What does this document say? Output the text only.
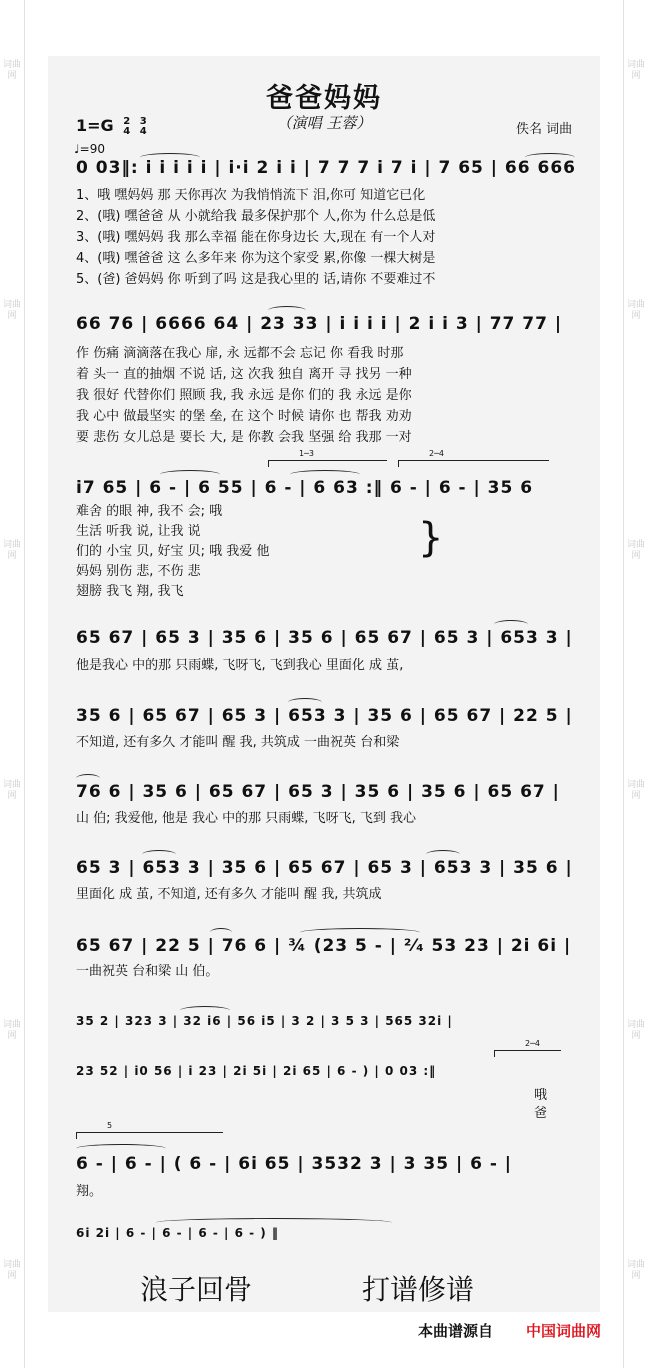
词曲网
词曲网
词曲网
词曲网
词曲网
词曲网
词曲网
词曲网
词曲网
词曲网
词曲网
词曲网
爸爸妈妈
（演唱 王蓉）
1=G 2
4

3
4	佚名 词曲
♩=90
0 03‖: i i i i i | i·i 2 i i | 7 7 7 i 7 i | 7 65 | 66 666
1、哦 嘿妈妈 那 天你再次 为我悄悄流下 泪,你可 知道它已化
2、(哦) 嘿爸爸 从 小就给我 最多保护那个 人,你为 什么总是低
3、(哦) 嘿妈妈 我 那么幸福 能在你身边长 大,现在 有一个人对
4、(哦) 嘿爸爸 这 么多年来 你为这个家受 累,你像 一棵大树是
5、(爸) 爸妈妈 你 听到了吗 这是我心里的 话,请你 不要难过不
66 76 | 6666 64 | 23 33 | i i i i | 2 i i 3 | 77 77 |
作 伤痛 滴滴落在我心 扉, 永 远都不会 忘记 你 看我 时那
着 头一 直的抽烟 不说 话, 这 次我 独自 离开 寻 找另 一种
我 很好 代替你们 照顾 我, 我 永远 是你 们的 我 永远 是你
我 心中 做最坚实 的堡 垒, 在 这个 时候 请你 也 帮我 劝劝
要 悲伤 女儿总是 要长 大, 是 你教 会我 坚强 给 我那 一对
1─3	2─4
i7 65 | 6 - | 6 55 | 6 - | 6 63 :‖ 6 - | 6 - | 35 6
难舍 的眼 神, 我不 会; 哦
生活 听我 说, 让我 说
们的 小宝 贝, 好宝 贝; 哦 我爱 他
妈妈 别伤 悲, 不伤 悲
翅膀 我飞 翔, 我飞
}
65 67 | 65 3 | 35 6 | 35 6 | 65 67 | 65 3 | 653 3 |
他是我心 中的那 只雨蝶, 飞呀飞, 飞到我心 里面化 成 茧,
35 6 | 65 67 | 65 3 | 653 3 | 35 6 | 65 67 | 22 5 |
不知道, 还有多久 才能叫 醒 我, 共筑成 一曲祝英 台和梁
76 6 | 35 6 | 65 67 | 65 3 | 35 6 | 35 6 | 65 67 |
山 伯; 我爱他, 他是 我心 中的那 只雨蝶, 飞呀飞, 飞到 我心
65 3 | 653 3 | 35 6 | 65 67 | 65 3 | 653 3 | 35 6 |
里面化 成 茧, 不知道, 还有多久 才能叫 醒 我, 共筑成
65 67 | 22 5 | 76 6 | ¾ (23 5 - | ²⁄₄ 53 23 | 2i 6i |
一曲祝英 台和梁 山 伯。
35 2 | 323 3 | 32 i6 | 56 i5 | 3 2 | 3 5 3 | 565 32i |
2─4
23 52 | i0 56 | i 23 | 2i 5i | 2i 65 | 6 - ) | 0 03 :‖
哦
爸
5
6 - | 6 - | ( 6 - | 6i 65 | 3532 3 | 3 35 | 6 - |
翔。
6i 2i | 6 - | 6 - | 6 - | 6 - ) ‖
浪子回骨	打谱修谱
本曲谱源自 中国词曲网
